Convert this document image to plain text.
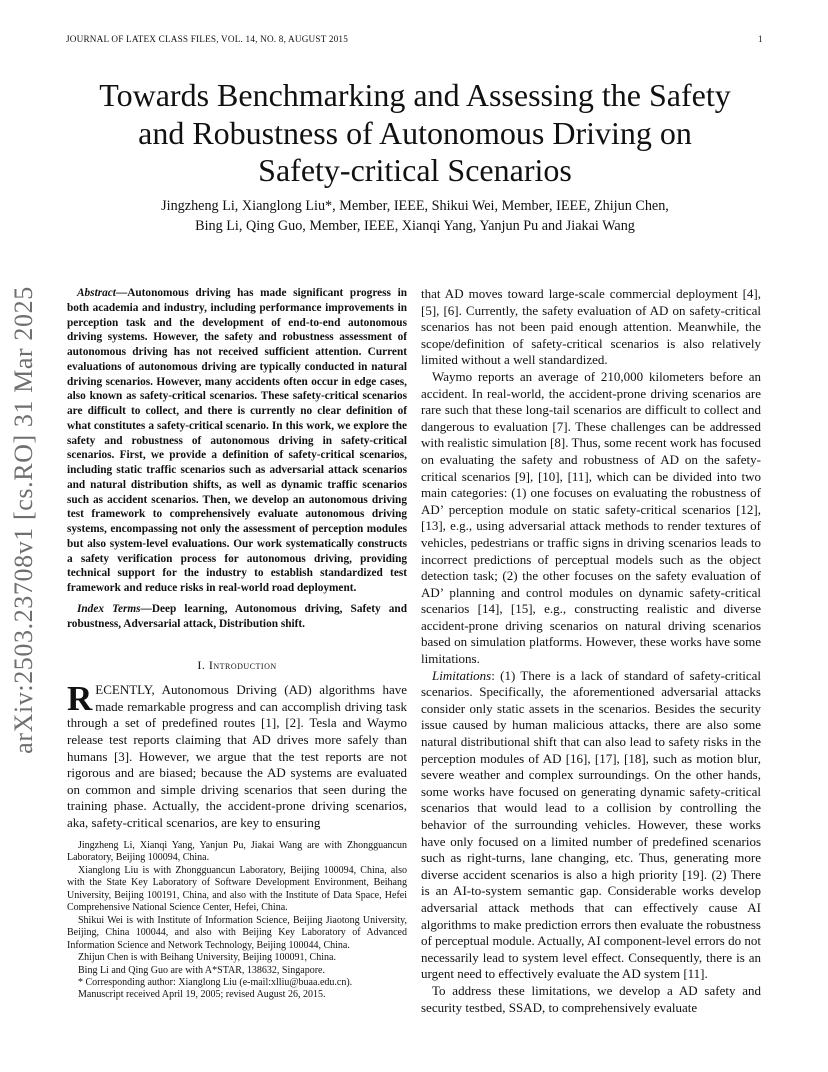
JOURNAL OF LATEX CLASS FILES, VOL. 14, NO. 8, AUGUST 2015	1
arXiv:2503.23708v1 [cs.RO] 31 Mar 2025
Towards Benchmarking and Assessing the Safety
and Robustness of Autonomous Driving on
Safety-critical Scenarios
Jingzheng Li, Xianglong Liu*, Member, IEEE, Shikui Wei, Member, IEEE, Zhijun Chen,
Bing Li, Qing Guo, Member, IEEE, Xianqi Yang, Yanjun Pu and Jiakai Wang

Abstract—Autonomous driving has made significant progress in both academia and industry, including performance improvements in perception task and the development of end-to-end autonomous driving systems. However, the safety and robustness assessment of autonomous driving has not received sufficient attention. Current evaluations of autonomous driving are typically conducted in natural driving scenarios. However, many accidents often occur in edge cases, also known as safety-critical scenarios. These safety-critical scenarios are difficult to collect, and there is currently no clear definition of what constitutes a safety-critical scenario. In this work, we explore the safety and robustness of autonomous driving in safety-critical scenarios. First, we provide a definition of safety-critical scenarios, including static traffic scenarios such as adversarial attack scenarios and natural distribution shifts, as well as dynamic traffic scenarios such as accident scenarios. Then, we develop an autonomous driving test framework to comprehensively evaluate autonomous driving systems, encompassing not only the assessment of perception modules but also system-level evaluations. Our work systematically constructs a safety verification process for autonomous driving, providing technical support for the industry to establish standardized test framework and reduce risks in real-world road deployment.

Index Terms—Deep learning, Autonomous driving, Safety and robustness, Adversarial attack, Distribution shift.

I. Introduction

RECENTLY, Autonomous Driving (AD) algorithms have made remarkable progress and can accomplish driving task through a set of predefined routes [1], [2]. Tesla and Waymo release test reports claiming that AD drives more safely than humans [3]. However, we argue that the test reports are not rigorous and are biased; because the AD systems are evaluated on common and simple driving scenarios that seen during the training phase. Actually, the accident-prone driving scenarios, aka, safety-critical scenarios, are key to ensuring

Jingzheng Li, Xianqi Yang, Yanjun Pu, Jiakai Wang are with Zhongguancun Laboratory, Beijing 100094, China.

Xianglong Liu is with Zhongguancun Laboratory, Beijing 100094, China, also with the State Key Laboratory of Software Development Environment, Beihang University, Beijing 100191, China, and also with the Institute of Data Space, Hefei Comprehensive National Science Center, Hefei, China.

Shikui Wei is with Institute of Information Science, Beijing Jiaotong University, Beijing, China 100044, and also with Beijing Key Laboratory of Advanced Information Science and Network Technology, Beijing 100044, China.

Zhijun Chen is with Beihang University, Beijing 100091, China.

Bing Li and Qing Guo are with A*STAR, 138632, Singapore.

* Corresponding author: Xianglong Liu (e-mail:xlliu@buaa.edu.cn).

Manuscript received April 19, 2005; revised August 26, 2015.

that AD moves toward large-scale commercial deployment [4], [5], [6]. Currently, the safety evaluation of AD on safety-critical scenarios has not been paid enough attention. Meanwhile, the scope/definition of safety-critical scenarios is also relatively limited without a well standardized.

Waymo reports an average of 210,000 kilometers before an accident. In real-world, the accident-prone driving scenarios are rare such that these long-tail scenarios are difficult to collect and dangerous to evaluation [7]. These challenges can be addressed with realistic simulation [8]. Thus, some recent work has focused on evaluating the safety and robustness of AD on the safety-critical scenarios [9], [10], [11], which can be divided into two main categories: (1) one focuses on evaluating the robustness of AD’ perception module on static safety-critical scenarios [12], [13], e.g., using adversarial attack methods to render textures of vehicles, pedestrians or traffic signs in driving scenarios leads to incorrect predictions of perceptual models such as the object detection task; (2) the other focuses on the safety evaluation of AD’ planning and control modules on dynamic safety-critical scenarios [14], [15], e.g., constructing realistic and diverse accident-prone driving scenarios on natural driving scenarios based on simulation platforms. However, these works have some limitations.

Limitations: (1) There is a lack of standard of safety-critical scenarios. Specifically, the aforementioned adversarial attacks consider only static assets in the scenarios. Besides the security issue caused by human malicious attacks, there are also some natural distributional shift that can also lead to safety risks in the perception modules of AD [16], [17], [18], such as motion blur, severe weather and complex surroundings. On the other hands, some works have focused on generating dynamic safety-critical scenarios that would lead to a collision by controlling the behavior of the surrounding vehicles. However, these works have only focused on a limited number of predefined scenarios such as right-turns, lane changing, etc. Thus, generating more diverse accident scenarios is also a high priority [19]. (2) There is an AI-to-system semantic gap. Considerable works develop adversarial attack methods that can effectively cause AI algorithms to make prediction errors then evaluate the robustness of perceptual module. Actually, AI component-level errors do not necessarily lead to system level effect. Consequently, there is an urgent need to effectively evaluate the AD system [11].

To address these limitations, we develop a AD safety and security testbed, SSAD, to comprehensively evaluate
